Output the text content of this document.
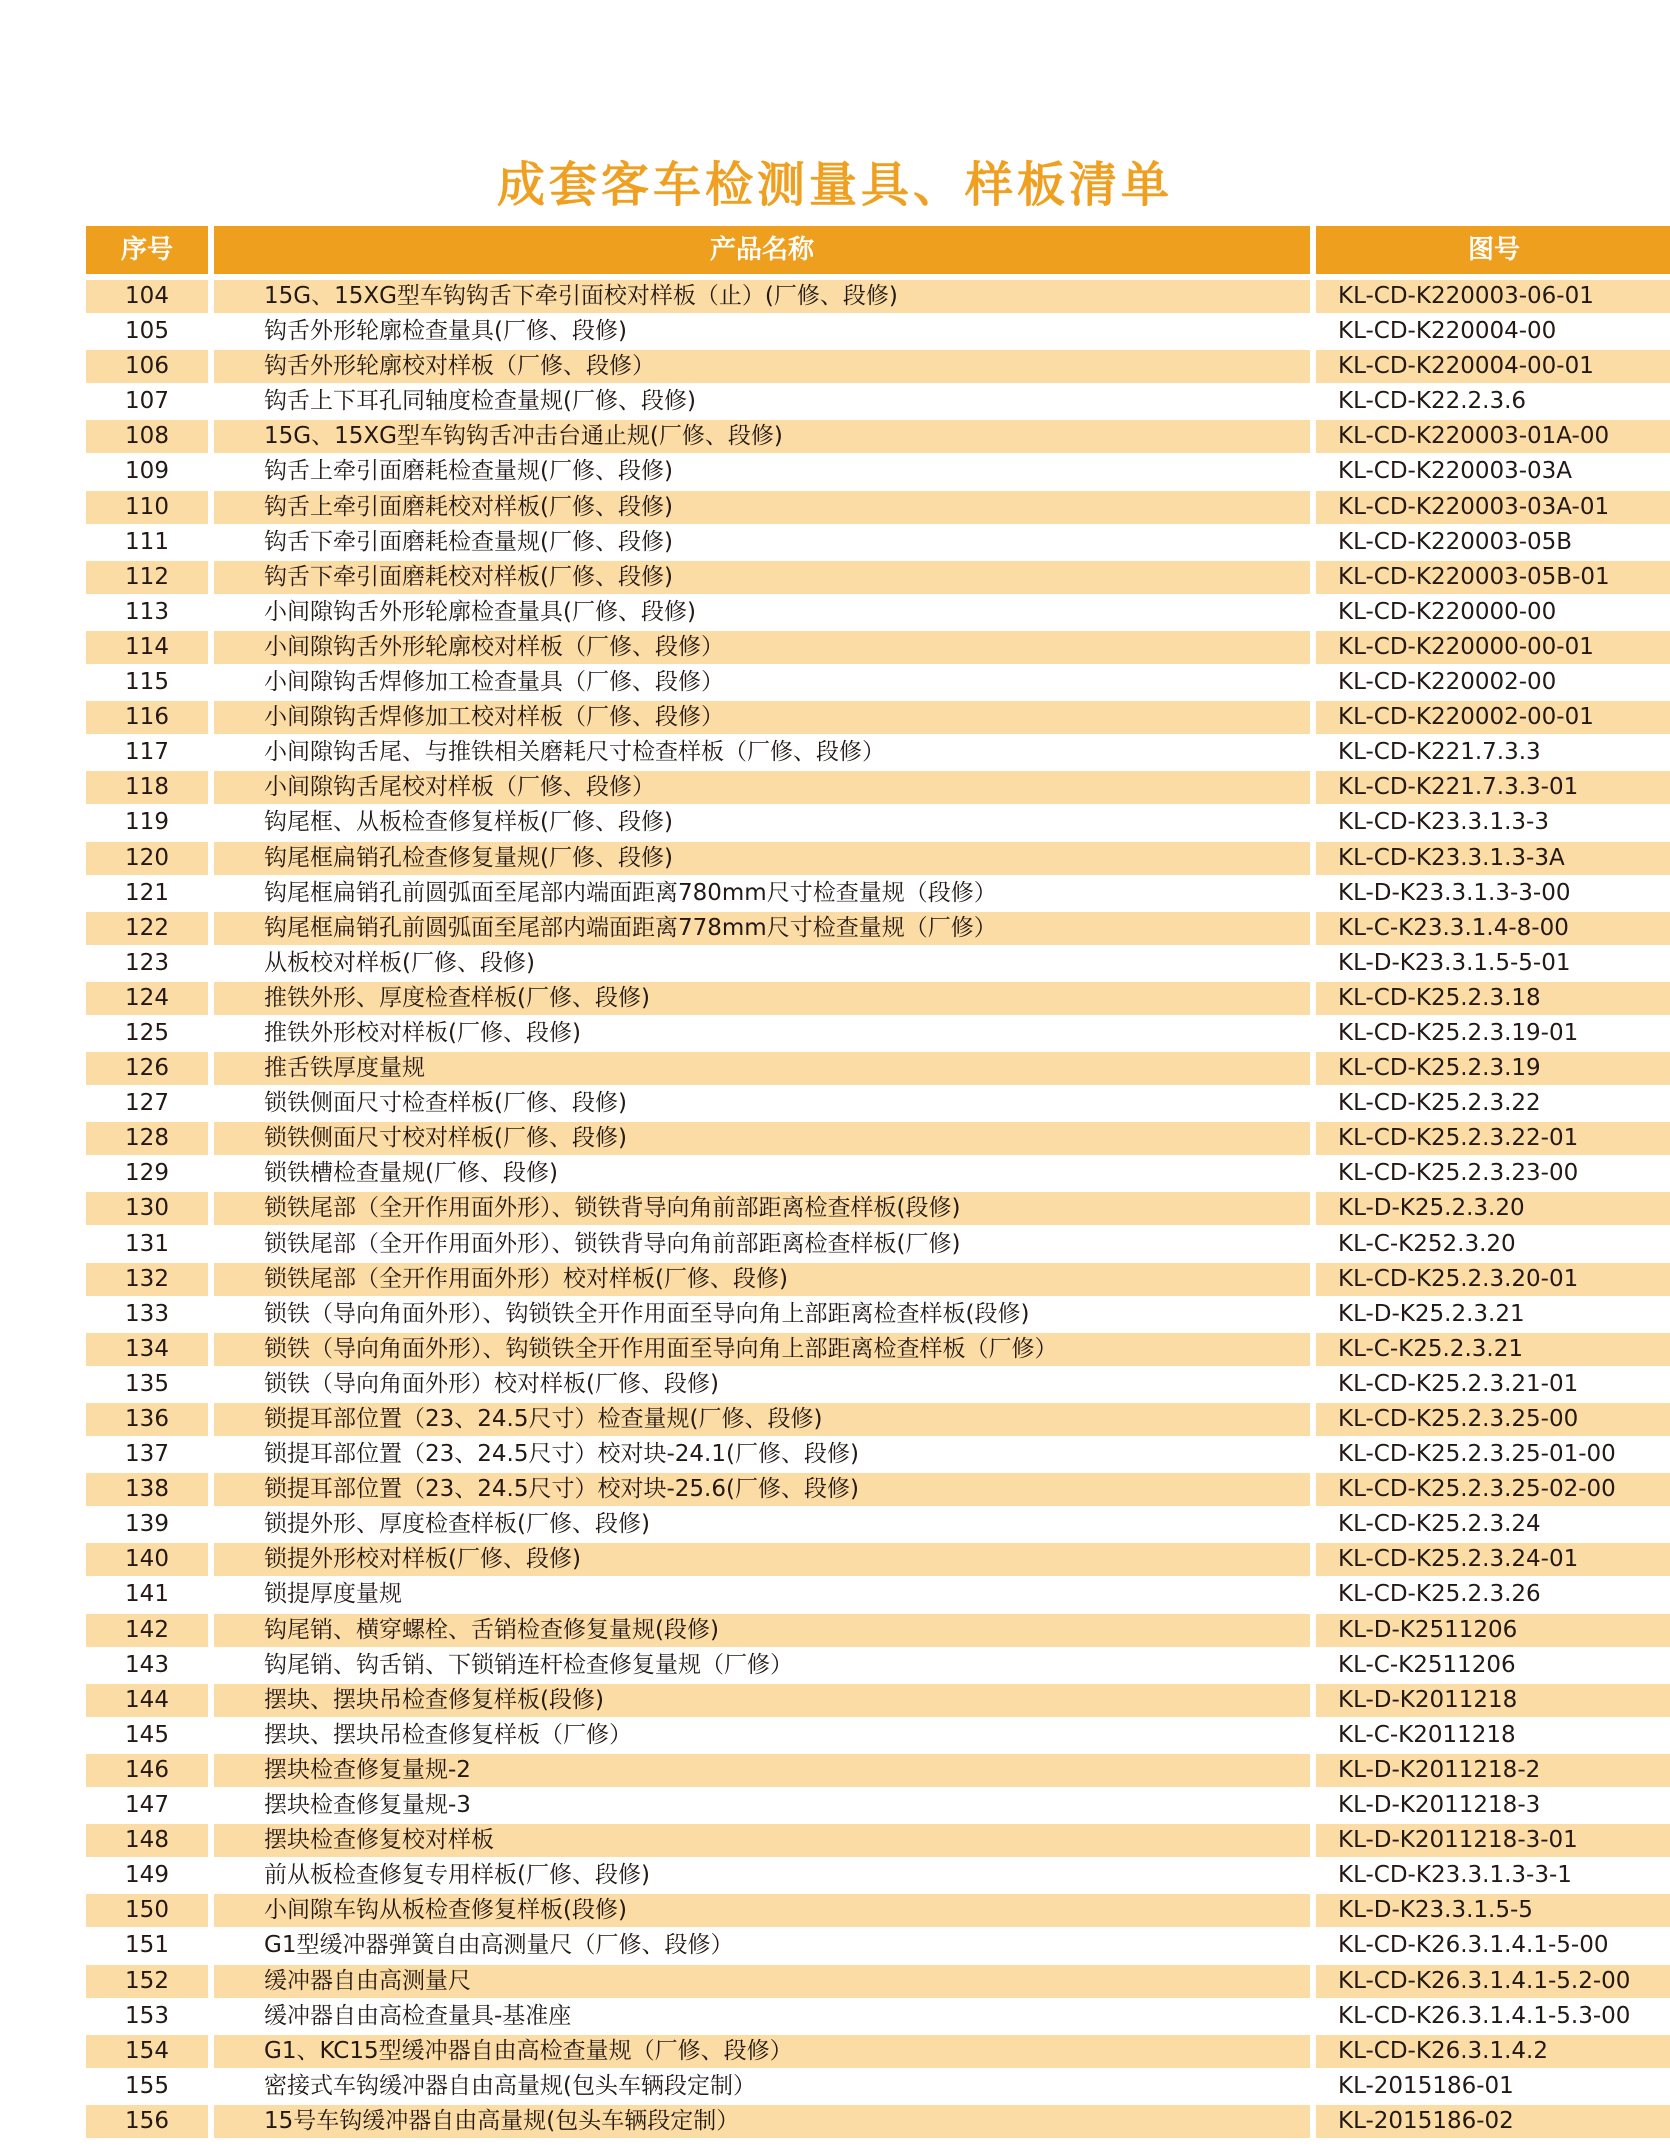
成套客车检测量具、样板清单
序号	产品名称	图号
104	15G、15XG型车钩钩舌下牵引面校对样板（止）(厂修、段修)	KL-CD-K220003-06-01
105	钩舌外形轮廓检查量具(厂修、段修)	KL-CD-K220004-00
106	钩舌外形轮廓校对样板（厂修、段修）	KL-CD-K220004-00-01
107	钩舌上下耳孔同轴度检查量规(厂修、段修)	KL-CD-K22.2.3.6
108	15G、15XG型车钩钩舌冲击台通止规(厂修、段修)	KL-CD-K220003-01A-00
109	钩舌上牵引面磨耗检查量规(厂修、段修)	KL-CD-K220003-03A
110	钩舌上牵引面磨耗校对样板(厂修、段修)	KL-CD-K220003-03A-01
111	钩舌下牵引面磨耗检查量规(厂修、段修)	KL-CD-K220003-05B
112	钩舌下牵引面磨耗校对样板(厂修、段修)	KL-CD-K220003-05B-01
113	小间隙钩舌外形轮廓检查量具(厂修、段修)	KL-CD-K220000-00
114	小间隙钩舌外形轮廓校对样板（厂修、段修）	KL-CD-K220000-00-01
115	小间隙钩舌焊修加工检查量具（厂修、段修）	KL-CD-K220002-00
116	小间隙钩舌焊修加工校对样板（厂修、段修）	KL-CD-K220002-00-01
117	小间隙钩舌尾、与推铁相关磨耗尺寸检查样板（厂修、段修）	KL-CD-K221.7.3.3
118	小间隙钩舌尾校对样板（厂修、段修）	KL-CD-K221.7.3.3-01
119	钩尾框、从板检查修复样板(厂修、段修)	KL-CD-K23.3.1.3-3
120	钩尾框扁销孔检查修复量规(厂修、段修)	KL-CD-K23.3.1.3-3A
121	钩尾框扁销孔前圆弧面至尾部内端面距离780mm尺寸检查量规（段修）	KL-D-K23.3.1.3-3-00
122	钩尾框扁销孔前圆弧面至尾部内端面距离778mm尺寸检查量规（厂修）	KL-C-K23.3.1.4-8-00
123	从板校对样板(厂修、段修)	KL-D-K23.3.1.5-5-01
124	推铁外形、厚度检查样板(厂修、段修)	KL-CD-K25.2.3.18
125	推铁外形校对样板(厂修、段修)	KL-CD-K25.2.3.19-01
126	推舌铁厚度量规	KL-CD-K25.2.3.19
127	锁铁侧面尺寸检查样板(厂修、段修)	KL-CD-K25.2.3.22
128	锁铁侧面尺寸校对样板(厂修、段修)	KL-CD-K25.2.3.22-01
129	锁铁槽检查量规(厂修、段修)	KL-CD-K25.2.3.23-00
130	锁铁尾部（全开作用面外形）、锁铁背导向角前部距离检查样板(段修)	KL-D-K25.2.3.20
131	锁铁尾部（全开作用面外形）、锁铁背导向角前部距离检查样板(厂修)	KL-C-K252.3.20
132	锁铁尾部（全开作用面外形）校对样板(厂修、段修)	KL-CD-K25.2.3.20-01
133	锁铁（导向角面外形）、钩锁铁全开作用面至导向角上部距离检查样板(段修)	KL-D-K25.2.3.21
134	锁铁（导向角面外形）、钩锁铁全开作用面至导向角上部距离检查样板（厂修）	KL-C-K25.2.3.21
135	锁铁（导向角面外形）校对样板(厂修、段修)	KL-CD-K25.2.3.21-01
136	锁提耳部位置（23、24.5尺寸）检查量规(厂修、段修)	KL-CD-K25.2.3.25-00
137	锁提耳部位置（23、24.5尺寸）校对块-24.1(厂修、段修)	KL-CD-K25.2.3.25-01-00
138	锁提耳部位置（23、24.5尺寸）校对块-25.6(厂修、段修)	KL-CD-K25.2.3.25-02-00
139	锁提外形、厚度检查样板(厂修、段修)	KL-CD-K25.2.3.24
140	锁提外形校对样板(厂修、段修)	KL-CD-K25.2.3.24-01
141	锁提厚度量规	KL-CD-K25.2.3.26
142	钩尾销、横穿螺栓、舌销检查修复量规(段修)	KL-D-K2511206
143	钩尾销、钩舌销、下锁销连杆检查修复量规（厂修）	KL-C-K2511206
144	摆块、摆块吊检查修复样板(段修)	KL-D-K2011218
145	摆块、摆块吊检查修复样板（厂修）	KL-C-K2011218
146	摆块检查修复量规-2	KL-D-K2011218-2
147	摆块检查修复量规-3	KL-D-K2011218-3
148	摆块检查修复校对样板	KL-D-K2011218-3-01
149	前从板检查修复专用样板(厂修、段修)	KL-CD-K23.3.1.3-3-1
150	小间隙车钩从板检查修复样板(段修)	KL-D-K23.3.1.5-5
151	G1型缓冲器弹簧自由高测量尺（厂修、段修）	KL-CD-K26.3.1.4.1-5-00
152	缓冲器自由高测量尺	KL-CD-K26.3.1.4.1-5.2-00
153	缓冲器自由高检查量具-基准座	KL-CD-K26.3.1.4.1-5.3-00
154	G1、KC15型缓冲器自由高检查量规（厂修、段修）	KL-CD-K26.3.1.4.2
155	密接式车钩缓冲器自由高量规(包头车辆段定制）	KL-2015186-01
156	15号车钩缓冲器自由高量规(包头车辆段定制）	KL-2015186-02
